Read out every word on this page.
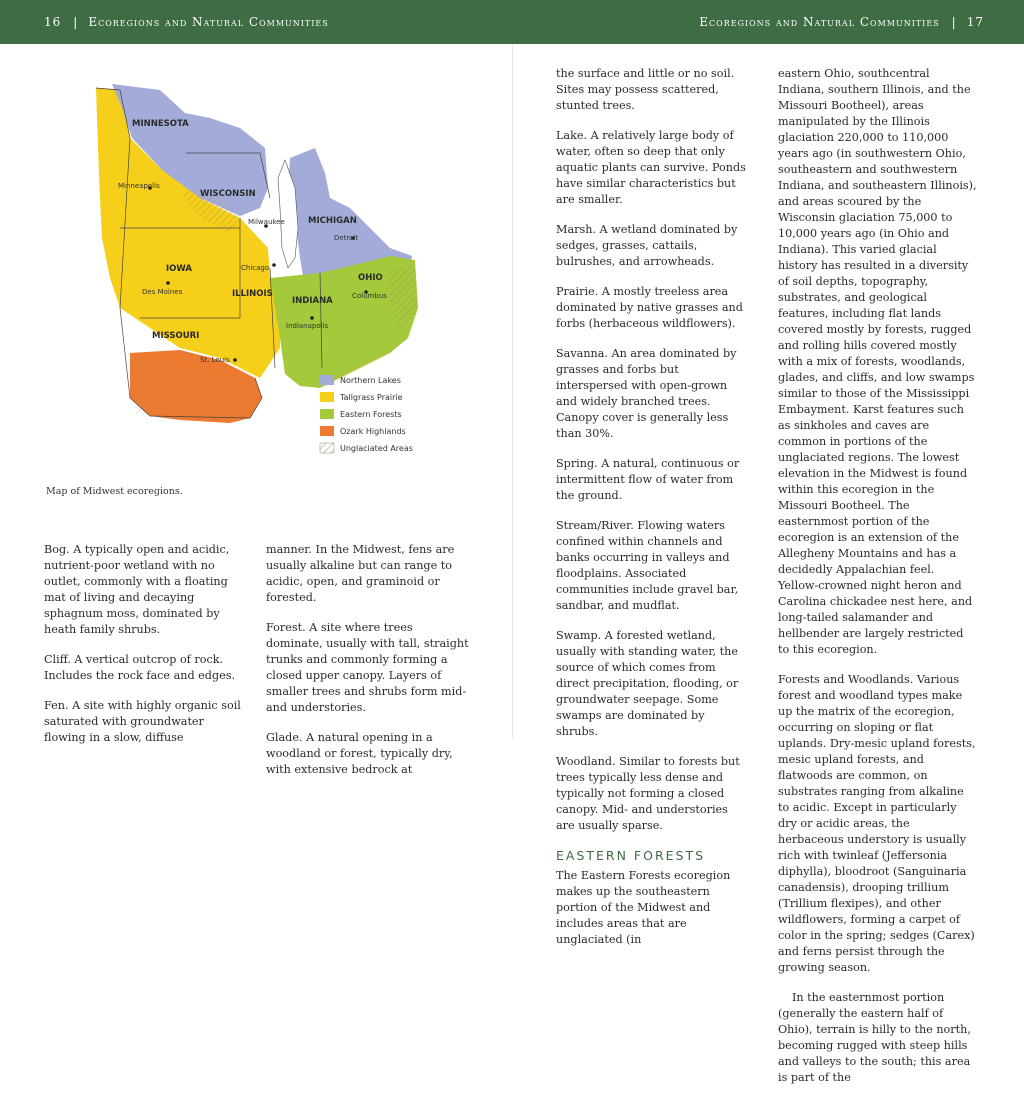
16 | Ecoregions and Natural Communities	Ecoregions and Natural Communities | 17
MINNESOTA
WISCONSIN
MICHIGAN
IOWA
ILLINOIS
INDIANA
OHIO
MISSOURI
Minneapolis
Milwaukee
Detroit
Chicago
Des Moines	Columbus
Indianapolis
St. Louis
Northern Lakes
Tallgrass Prairie
Eastern Forests
Ozark Highlands
Unglaciated Areas
Map of Midwest ecoregions.

Bog. A typically open and acidic, nutrient-poor wetland with no outlet, commonly with a floating mat of living and decaying sphagnum moss, dominated by heath family shrubs.

Cliff. A vertical outcrop of rock. Includes the rock face and edges.

Fen. A site with highly organic soil saturated with groundwater flowing in a slow, diffuse

manner. In the Midwest, fens are usually alkaline but can range to acidic, open, and graminoid or forested.

Forest. A site where trees dominate, usually with tall, straight trunks and commonly forming a closed upper canopy. Layers of smaller trees and shrubs form mid- and understories.

Glade. A natural opening in a woodland or forest, typically dry, with extensive bedrock at

the surface and little or no soil. Sites may possess scattered, stunted trees.

Lake. A relatively large body of water, often so deep that only aquatic plants can survive. Ponds have similar characteristics but are smaller.

Marsh. A wetland dominated by sedges, grasses, cattails, bulrushes, and arrowheads.

Prairie. A mostly treeless area dominated by native grasses and forbs (herbaceous wildflowers).

Savanna. An area dominated by grasses and forbs but interspersed with open-grown and widely branched trees. Canopy cover is generally less than 30%.

Spring. A natural, continuous or intermittent flow of water from the ground.

Stream/River. Flowing waters confined within channels and banks occurring in valleys and floodplains. Associated communities include gravel bar, sandbar, and mudflat.

Swamp. A forested wetland, usually with standing water, the source of which comes from direct precipitation, flooding, or groundwater seepage. Some swamps are dominated by shrubs.

Woodland. Similar to forests but trees typically less dense and typically not forming a closed canopy. Mid- and understories are usually sparse.

EASTERN FORESTS

The Eastern Forests ecoregion makes up the southeastern portion of the Midwest and includes areas that are unglaciated (in

eastern Ohio, southcentral Indiana, southern Illinois, and the Missouri Bootheel), areas manipulated by the Illinois glaciation 220,000 to 110,000 years ago (in southwestern Ohio, southeastern and southwestern Indiana, and southeastern Illinois), and areas scoured by the Wisconsin glaciation 75,000 to 10,000 years ago (in Ohio and Indiana). This varied glacial history has resulted in a diversity of soil depths, topography, substrates, and geological features, including flat lands covered mostly by forests, rugged and rolling hills covered mostly with a mix of forests, woodlands, glades, and cliffs, and low swamps similar to those of the Mississippi Embayment. Karst features such as sinkholes and caves are common in portions of the unglaciated regions. The lowest elevation in the Midwest is found within this ecoregion in the Missouri Bootheel. The easternmost portion of the ecoregion is an extension of the Allegheny Mountains and has a decidedly Appalachian feel. Yellow-crowned night heron and Carolina chickadee nest here, and long-tailed salamander and hellbender are largely restricted to this ecoregion.

Forests and Woodlands. Various forest and woodland types make up the matrix of the ecoregion, occurring on sloping or flat uplands. Dry-mesic upland forests, mesic upland forests, and flatwoods are common, on substrates ranging from alkaline to acidic. Except in particularly dry or acidic areas, the herbaceous understory is usually rich with twinleaf (Jeffersonia diphylla), bloodroot (Sanguinaria canadensis), drooping trillium (Trillium flexipes), and other wildflowers, forming a carpet of color in the spring; sedges (Carex) and ferns persist through the growing season.

In the easternmost portion (generally the eastern half of Ohio), terrain is hilly to the north, becoming rugged with steep hills and valleys to the south; this area is part of the
